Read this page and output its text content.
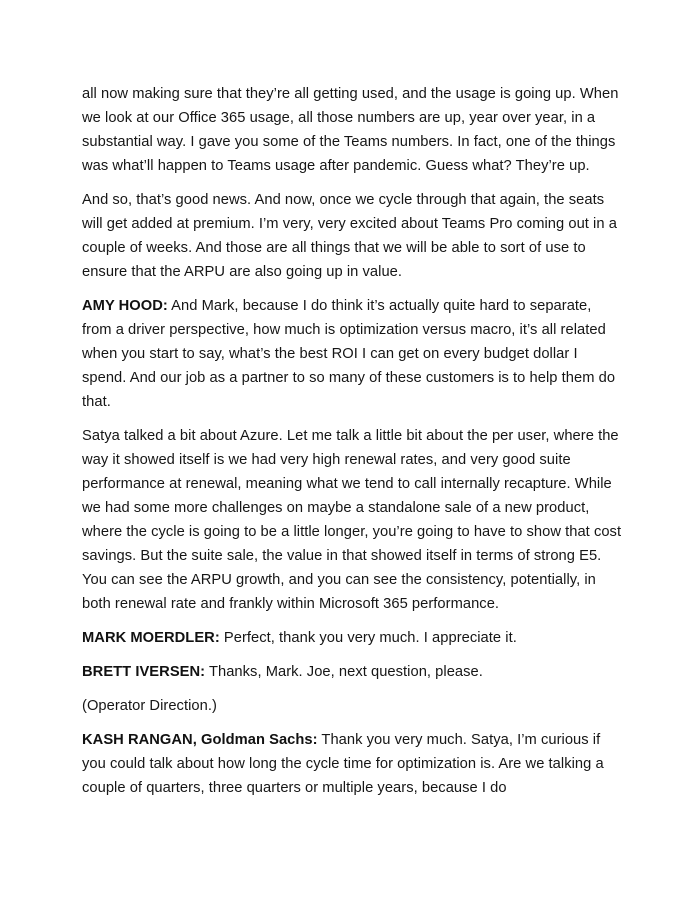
all now making sure that they’re all getting used, and the usage is going up. When we look at our Office 365 usage, all those numbers are up, year over year, in a substantial way. I gave you some of the Teams numbers. In fact, one of the things was what’ll happen to Teams usage after pandemic. Guess what? They’re up.

And so, that’s good news. And now, once we cycle through that again, the seats will get added at premium. I’m very, very excited about Teams Pro coming out in a couple of weeks. And those are all things that we will be able to sort of use to ensure that the ARPU are also going up in value.

AMY HOOD: And Mark, because I do think it’s actually quite hard to separate, from a driver perspective, how much is optimization versus macro, it’s all related when you start to say, what’s the best ROI I can get on every budget dollar I spend. And our job as a partner to so many of these customers is to help them do that.

Satya talked a bit about Azure. Let me talk a little bit about the per user, where the way it showed itself is we had very high renewal rates, and very good suite performance at renewal, meaning what we tend to call internally recapture. While we had some more challenges on maybe a standalone sale of a new product, where the cycle is going to be a little longer, you’re going to have to show that cost savings. But the suite sale, the value in that showed itself in terms of strong E5. You can see the ARPU growth, and you can see the consistency, potentially, in both renewal rate and frankly within Microsoft 365 performance.

MARK MOERDLER: Perfect, thank you very much. I appreciate it.

BRETT IVERSEN: Thanks, Mark. Joe, next question, please.

(Operator Direction.)

KASH RANGAN, Goldman Sachs: Thank you very much. Satya, I’m curious if you could talk about how long the cycle time for optimization is. Are we talking a couple of quarters, three quarters or multiple years, because I do
